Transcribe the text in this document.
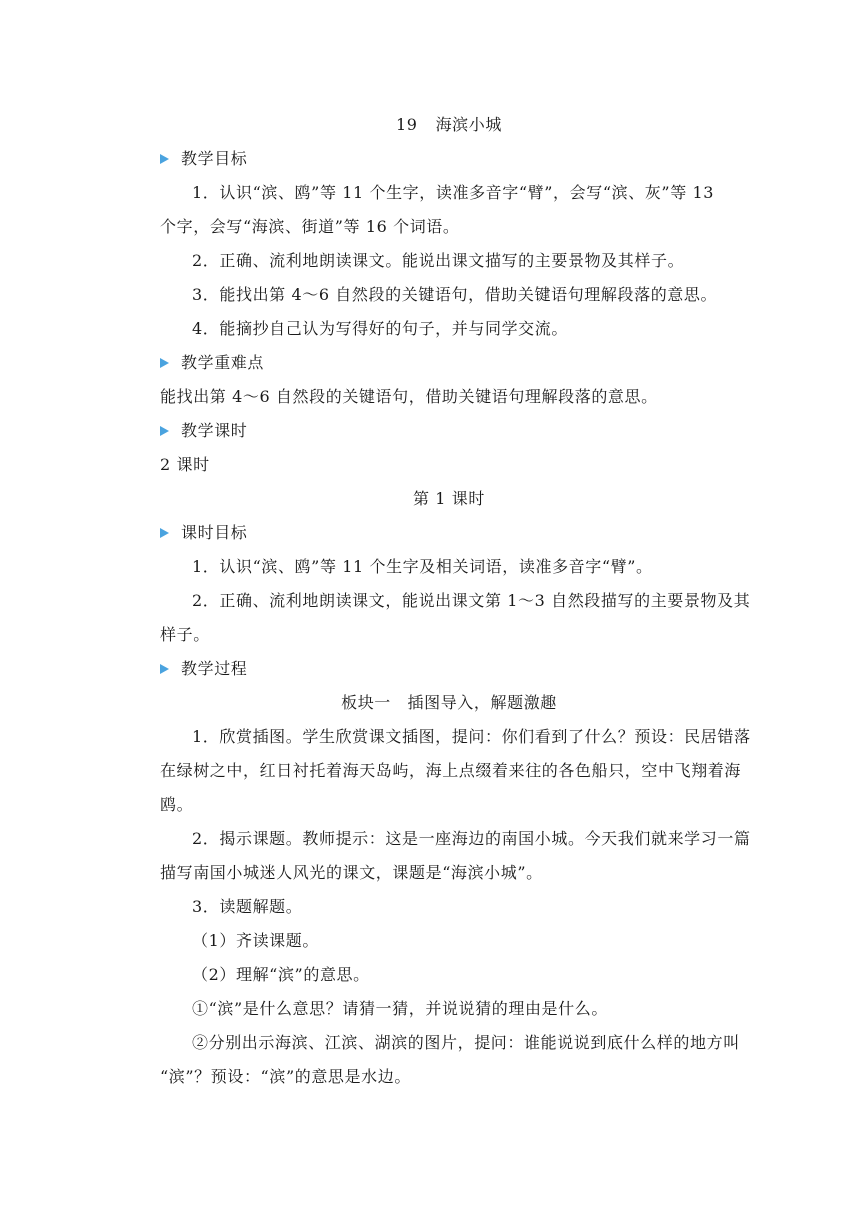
19 海滨小城
教学目标
1．认识“滨、鸥”等 11 个生字，读准多音字“臂”，会写“滨、灰”等 13
个字，会写“海滨、街道”等 16 个词语。
2．正确、流利地朗读课文。能说出课文描写的主要景物及其样子。
3．能找出第 4～6 自然段的关键语句，借助关键语句理解段落的意思。
4．能摘抄自己认为写得好的句子，并与同学交流。
教学重难点
能找出第 4～6 自然段的关键语句，借助关键语句理解段落的意思。
教学课时
2 课时
第 1 课时
课时目标
1．认识“滨、鸥”等 11 个生字及相关词语，读准多音字“臂”。
2．正确、流利地朗读课文，能说出课文第 1～3 自然段描写的主要景物及其
样子。
教学过程
板块一　插图导入，解题激趣
1．欣赏插图。学生欣赏课文插图，提问：你们看到了什么？预设：民居错落
在绿树之中，红日衬托着海天岛屿，海上点缀着来往的各色船只，空中飞翔着海
鸥。
2．揭示课题。教师提示：这是一座海边的南国小城。今天我们就来学习一篇
描写南国小城迷人风光的课文，课题是“海滨小城”。
3．读题解题。
（1）齐读课题。
（2）理解“滨”的意思。
①“滨”是什么意思？请猜一猜，并说说猜的理由是什么。
②分别出示海滨、江滨、湖滨的图片，提问：谁能说说到底什么样的地方叫
“滨”？预设：“滨”的意思是水边。
